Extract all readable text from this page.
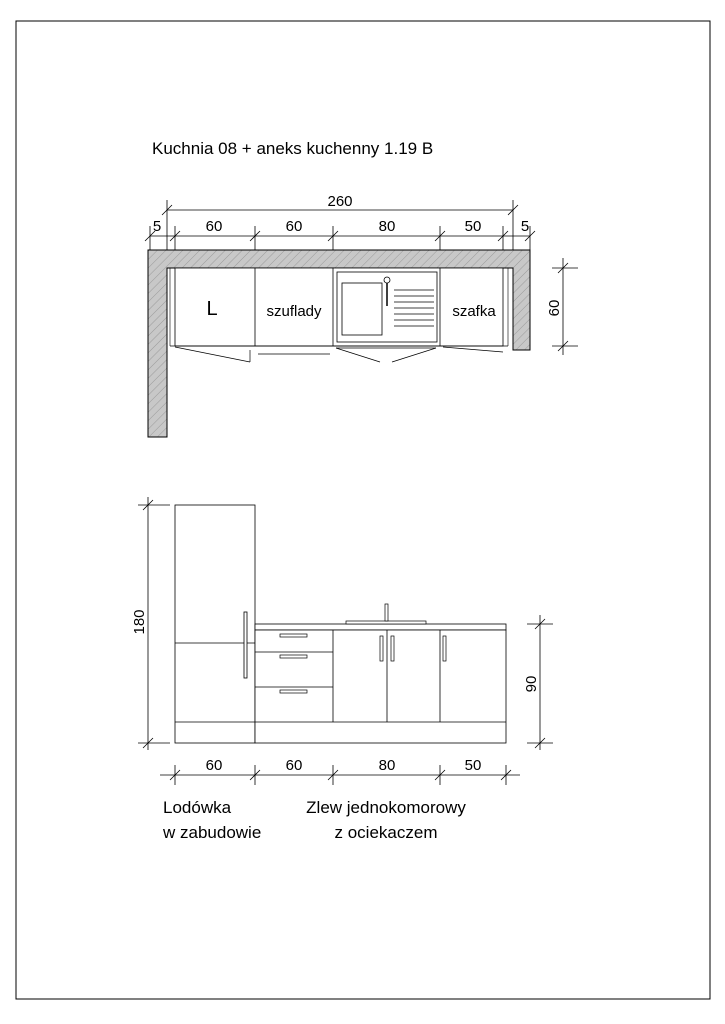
Kuchnia 08 + aneks kuchenny 1.19 B
260
5	60	60	80	50	5
L	szuflady	szafka	60
180
90
60	60	80	50
Lodówka
w zabudowie
Zlew jednokomorowy
z ociekaczem
